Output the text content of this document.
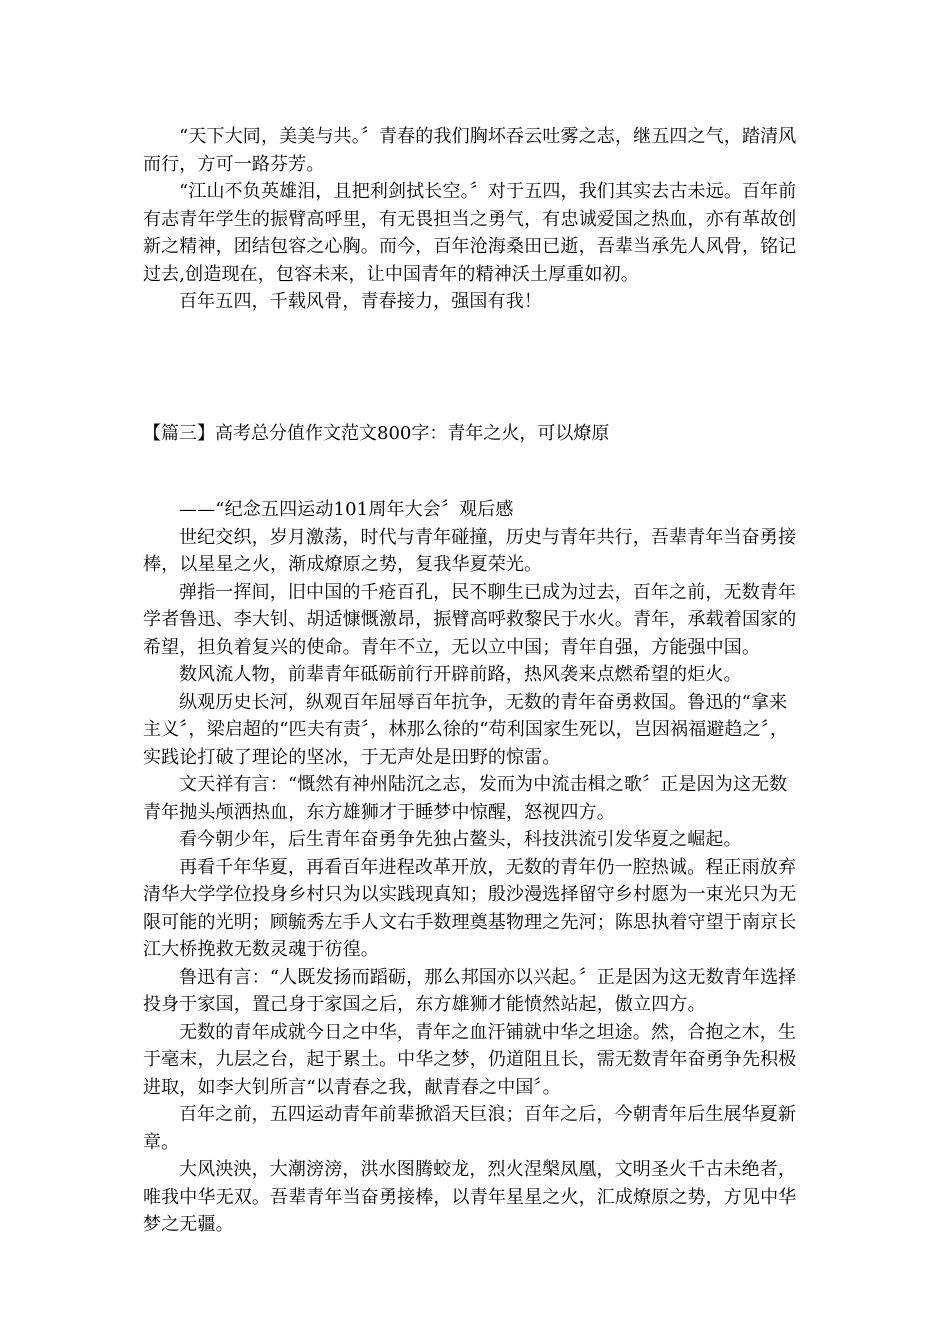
“天下大同，美美与共。〞青春的我们胸坏吞云吐雾之志，继五四之气，踏清风而行，方可一路芬芳。

“江山不负英雄泪，且把利剑拭长空。〞对于五四，我们其实去古未远。百年前有志青年学生的振臂高呼里，有无畏担当之勇气，有忠诚爱国之热血，亦有革故创新之精神，团结包容之心胸。而今，百年沧海桑田已逝，吾辈当承先人风骨，铭记过去,创造现在，包容未来，让中国青年的精神沃土厚重如初。

百年五四，千载风骨，青春接力，强国有我！

【篇三】高考总分值作文范文800字：青年之火，可以燎原

——“纪念五四运动101周年大会〞观后感

世纪交织，岁月激荡，时代与青年碰撞，历史与青年共行，吾辈青年当奋勇接棒，以星星之火，渐成燎原之势，复我华夏荣光。

弹指一挥间，旧中国的千疮百孔，民不聊生已成为过去，百年之前，无数青年学者鲁迅、李大钊、胡适慷慨激昂，振臂高呼救黎民于水火。青年，承载着国家的希望，担负着复兴的使命。青年不立，无以立中国；青年自强，方能强中国。

数风流人物，前辈青年砥砺前行开辟前路，热风袭来点燃希望的炬火。

纵观历史长河，纵观百年屈辱百年抗争，无数的青年奋勇救国。鲁迅的“拿来主义〞，梁启超的“匹夫有责〞，林那么徐的“苟利国家生死以，岂因祸福避趋之〞，实践论打破了理论的坚冰，于无声处是田野的惊雷。

文天祥有言：“慨然有神州陆沉之志，发而为中流击楫之歌〞正是因为这无数青年抛头颅洒热血，东方雄狮才于睡梦中惊醒，怒视四方。

看今朝少年，后生青年奋勇争先独占鳌头，科技洪流引发华夏之崛起。

再看千年华夏，再看百年进程改革开放，无数的青年仍一腔热诚。程正雨放弃清华大学学位投身乡村只为以实践现真知；殷沙漫选择留守乡村愿为一束光只为无限可能的光明；顾毓秀左手人文右手数理奠基物理之先河；陈思执着守望于南京长江大桥挽救无数灵魂于彷徨。

鲁迅有言：“人既发扬而蹈砺，那么邦国亦以兴起。〞正是因为这无数青年选择投身于家国，置己身于家国之后，东方雄狮才能愤然站起，傲立四方。

无数的青年成就今日之中华，青年之血汗铺就中华之坦途。然，合抱之木，生于毫末，九层之台，起于累土。中华之梦，仍道阻且长，需无数青年奋勇争先积极进取，如李大钊所言“以青春之我，献青春之中国〞。

百年之前，五四运动青年前辈掀滔天巨浪；百年之后，今朝青年后生展华夏新章。

大风泱泱，大潮滂滂，洪水图腾蛟龙，烈火涅槃凤凰，文明圣火千古未绝者，唯我中华无双。吾辈青年当奋勇接棒，以青年星星之火，汇成燎原之势，方见中华梦之无疆。
